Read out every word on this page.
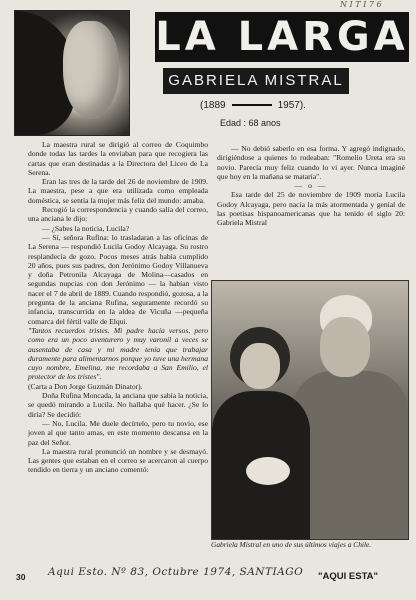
N I T I 7 6
LA LARGA
GABRIELA MISTRAL
(1889	1957).
Edad : 68 anos

La maestra rural se dirigió al correo de Coquimbo donde todas las tardes la enviaban para que recogiera las cartas que eran destinadas a la Directora del Liceo de La Serena.

Eran las tres de la tarde del 26 de noviembre de 1909. La maestra, pese a que era utilizada como empleada doméstica, se sentía la mujer más feliz del mundo: amaba.

Recogió la correspondencia y cuando salía del correo, una anciana le dijo:

— ¿Sabes la noticia, Lucila?

— Sí, señora Rufina: lo trasladaran a las oficinas de La Serena — respondió Lucila Godoy Alcayaga. Su rostro resplandecía de gozo. Pocos meses atrás había cumplido 20 años, pues sus padres, don Jerónimo Godoy Villanueva y doña Petronila Alcayaga de Molina—casados en segundas nupcias con don Jerónimo — la habían visto nacer el 7 de abril de 1889. Cuando respondió, gozosa, a la pregunta de la anciana Rufina, seguramente recordó su infancia, transcurrida en la aldea de Vicuña —pequeña comarca del fértil valle de Elqui.

"Tantos recuerdos tristes. Mi padre hacía versos, pero como era un poco aventurero y muy varonil a veces se ausentaba de casa y mi madre tenía que trabajar duramente para alimentarnos porque yo tuve una hermana cuyo nombre, Emelina, me recordaba a San Emilio, el protector de los tristes".

(Carta a Don Jorge Guzmán Dinator).

Doña Rufina Moncada, la anciana que sabía la noticia, se quedó mirando a Lucila. No hallaba qué hacer. ¿Se lo diría? Se decidió:

— No, Lucila. Me duele decírtelo, pero tu novio, ese joven al que tanto amas, en este momento descansa en la paz del Señor.

La maestra rural pronunció un nombre y se desmayó. Las gentes que estaban en el correo se acercaron al cuerpo tendido en tierra y un anciano comentó:

— No debió saberlo en esa forma. Y agregó indignado, dirigiéndose a quienes lo rodeaban: "Romelio Ureta era su novio. Parecía muy feliz cuando lo vi ayer. Nunca imaginé que hoy en la mañana se mataría".

— o —

Esa tarde del 25 de noviembre de 1909 moría Lucila Godoy Alcayaga, pero nacía la más atormentada y genial de las poetisas hispanoamericanas que ha tenido el siglo 20: Gabriela Mistral

Gabriela Mistral en uno de sus últimos viajes a Chile.
30 Aqui Esto. Nº 83, Octubre 1974, SANTIAGO "AQUI ESTA"
